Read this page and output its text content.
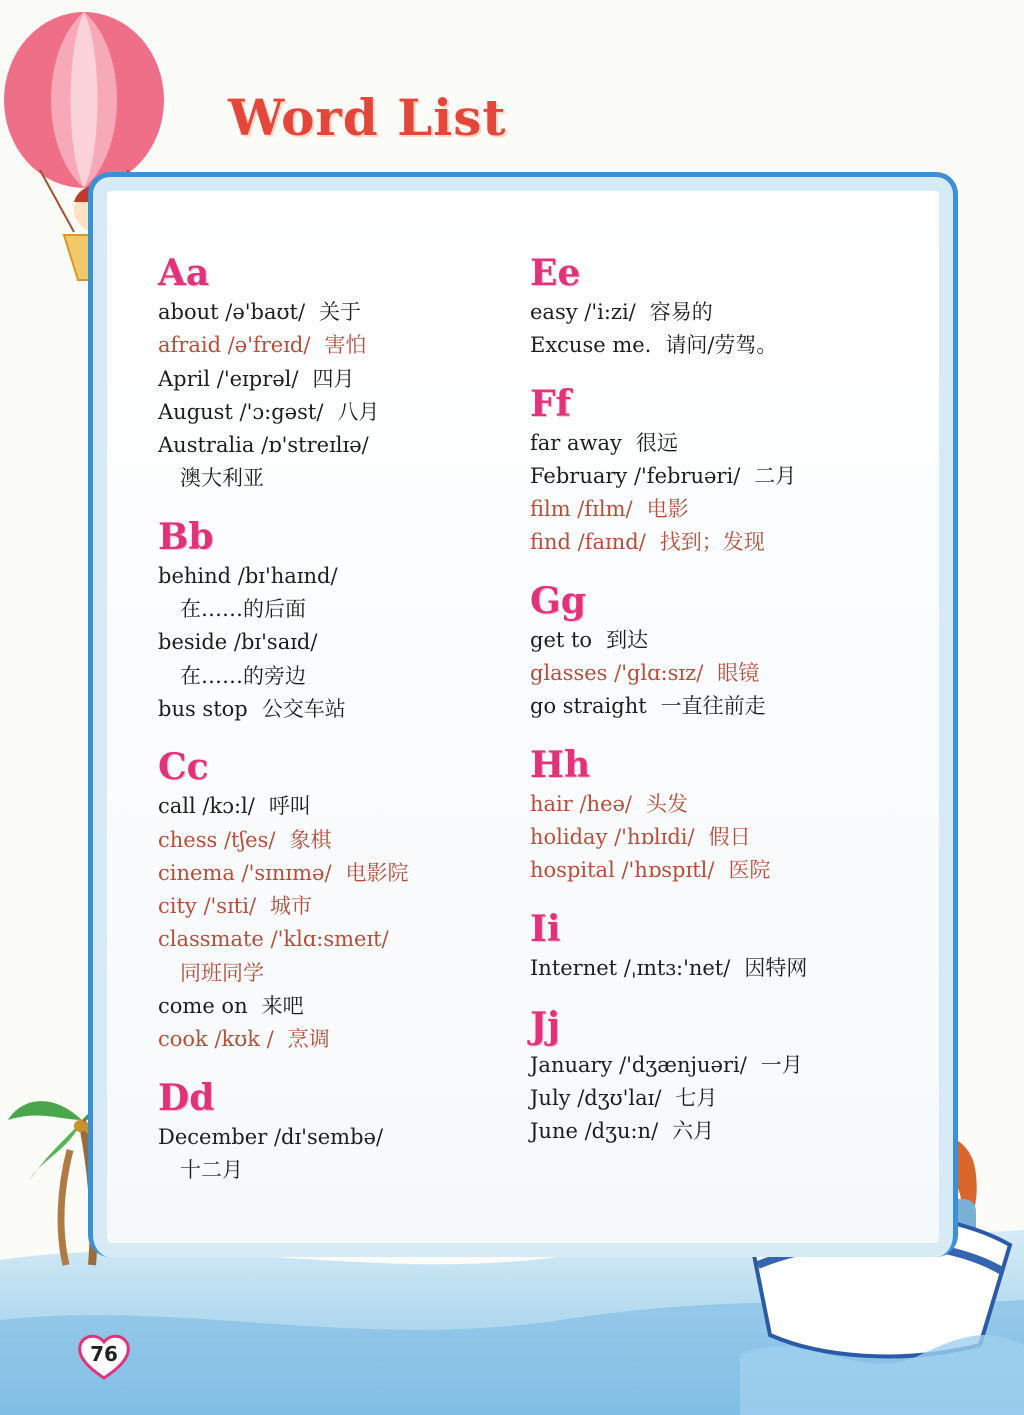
Word List
Aa
about /ə'baʊt/ 关于
afraid /ə'freɪd/ 害怕
April /'eɪprəl/ 四月
August /'ɔ:gəst/ 八月
Australia /ɒ'streɪlɪə/
澳大利亚
Bb
behind /bɪ'haɪnd/
在……的后面
beside /bɪ'saɪd/
在……的旁边
bus stop 公交车站
Cc
call /kɔ:l/ 呼叫
chess /tʃes/ 象棋
cinema /'sɪnɪmə/ 电影院
city /'sɪti/ 城市
classmate /'klɑ:smeɪt/
同班同学
come on 来吧
cook /kʊk / 烹调
Dd
December /dɪ'sembə/
十二月
Ee
easy /'i:zi/ 容易的
Excuse me. 请问/劳驾。
Ff
far away 很远
February /'februəri/ 二月
film /fɪlm/ 电影
find /faɪnd/ 找到；发现
Gg
get to 到达
glasses /'glɑ:sɪz/ 眼镜
go straight 一直往前走
Hh
hair /heə/ 头发
holiday /'hɒlɪdi/ 假日
hospital /'hɒspɪtl/ 医院
Ii
Internet /ˌɪntɜ:'net/ 因特网
Jj
January /'dʒænjuəri/ 一月
July /dʒʊ'laɪ/ 七月
June /dʒu:n/ 六月
76
